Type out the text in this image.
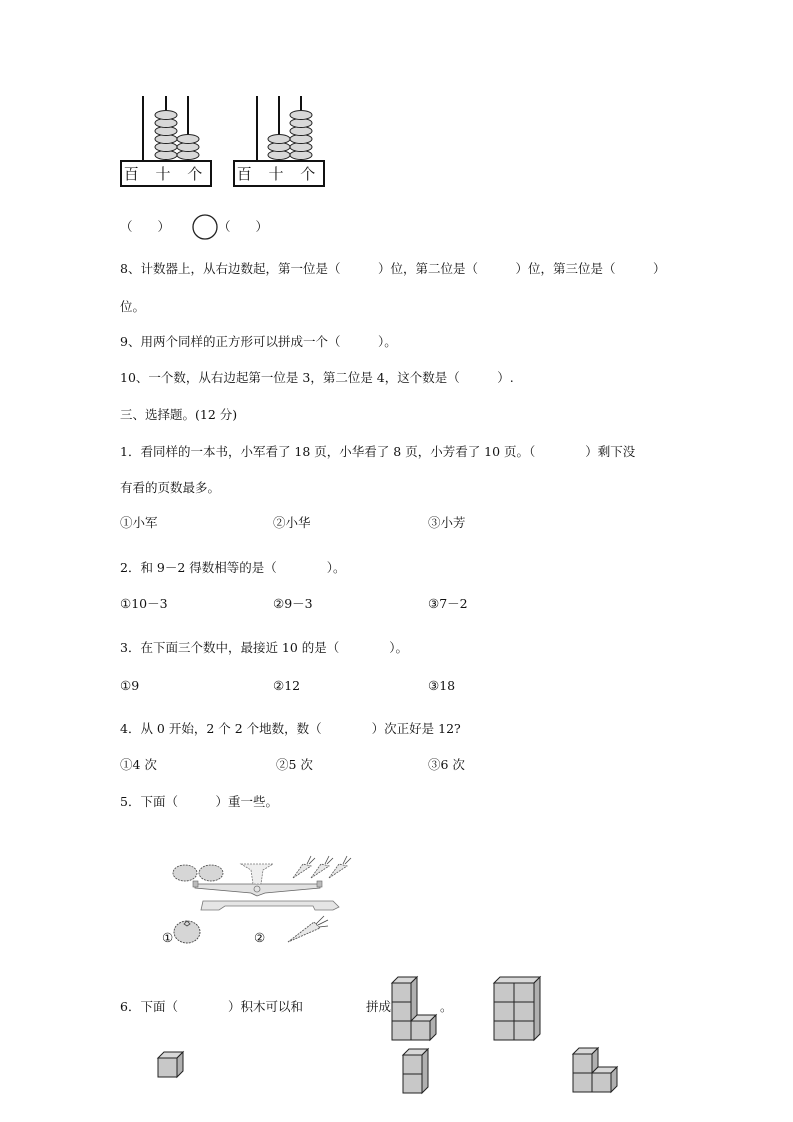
百 十 个 百 十 个
（　　）	（　　）
8、计数器上，从右边数起，第一位是（　　　）位，第二位是（　　　）位，第三位是（　　　）
位。
9、用两个同样的正方形可以拼成一个（　　　）。
10、一个数，从右边起第一位是 3，第二位是 4，这个数是（　　　）.
三、选择题。(12 分)
1．看同样的一本书，小军看了 18 页，小华看了 8 页，小芳看了 10 页。（　　　　）剩下没
有看的页数最多。
①小军	②小华	③小芳
2．和 9－2 得数相等的是（　　　　）。
①10－3	②9－3	③7－2
3．在下面三个数中，最接近 10 的是（　　　　）。
①9	②12	③18
4．从 0 开始，2 个 2 个地数，数（　　　　）次正好是 12?
①4 次	②5 次	③6 次
5．下面（　　　）重一些。
①	②
6．下面（　　　　）积木可以和	拼成	。
